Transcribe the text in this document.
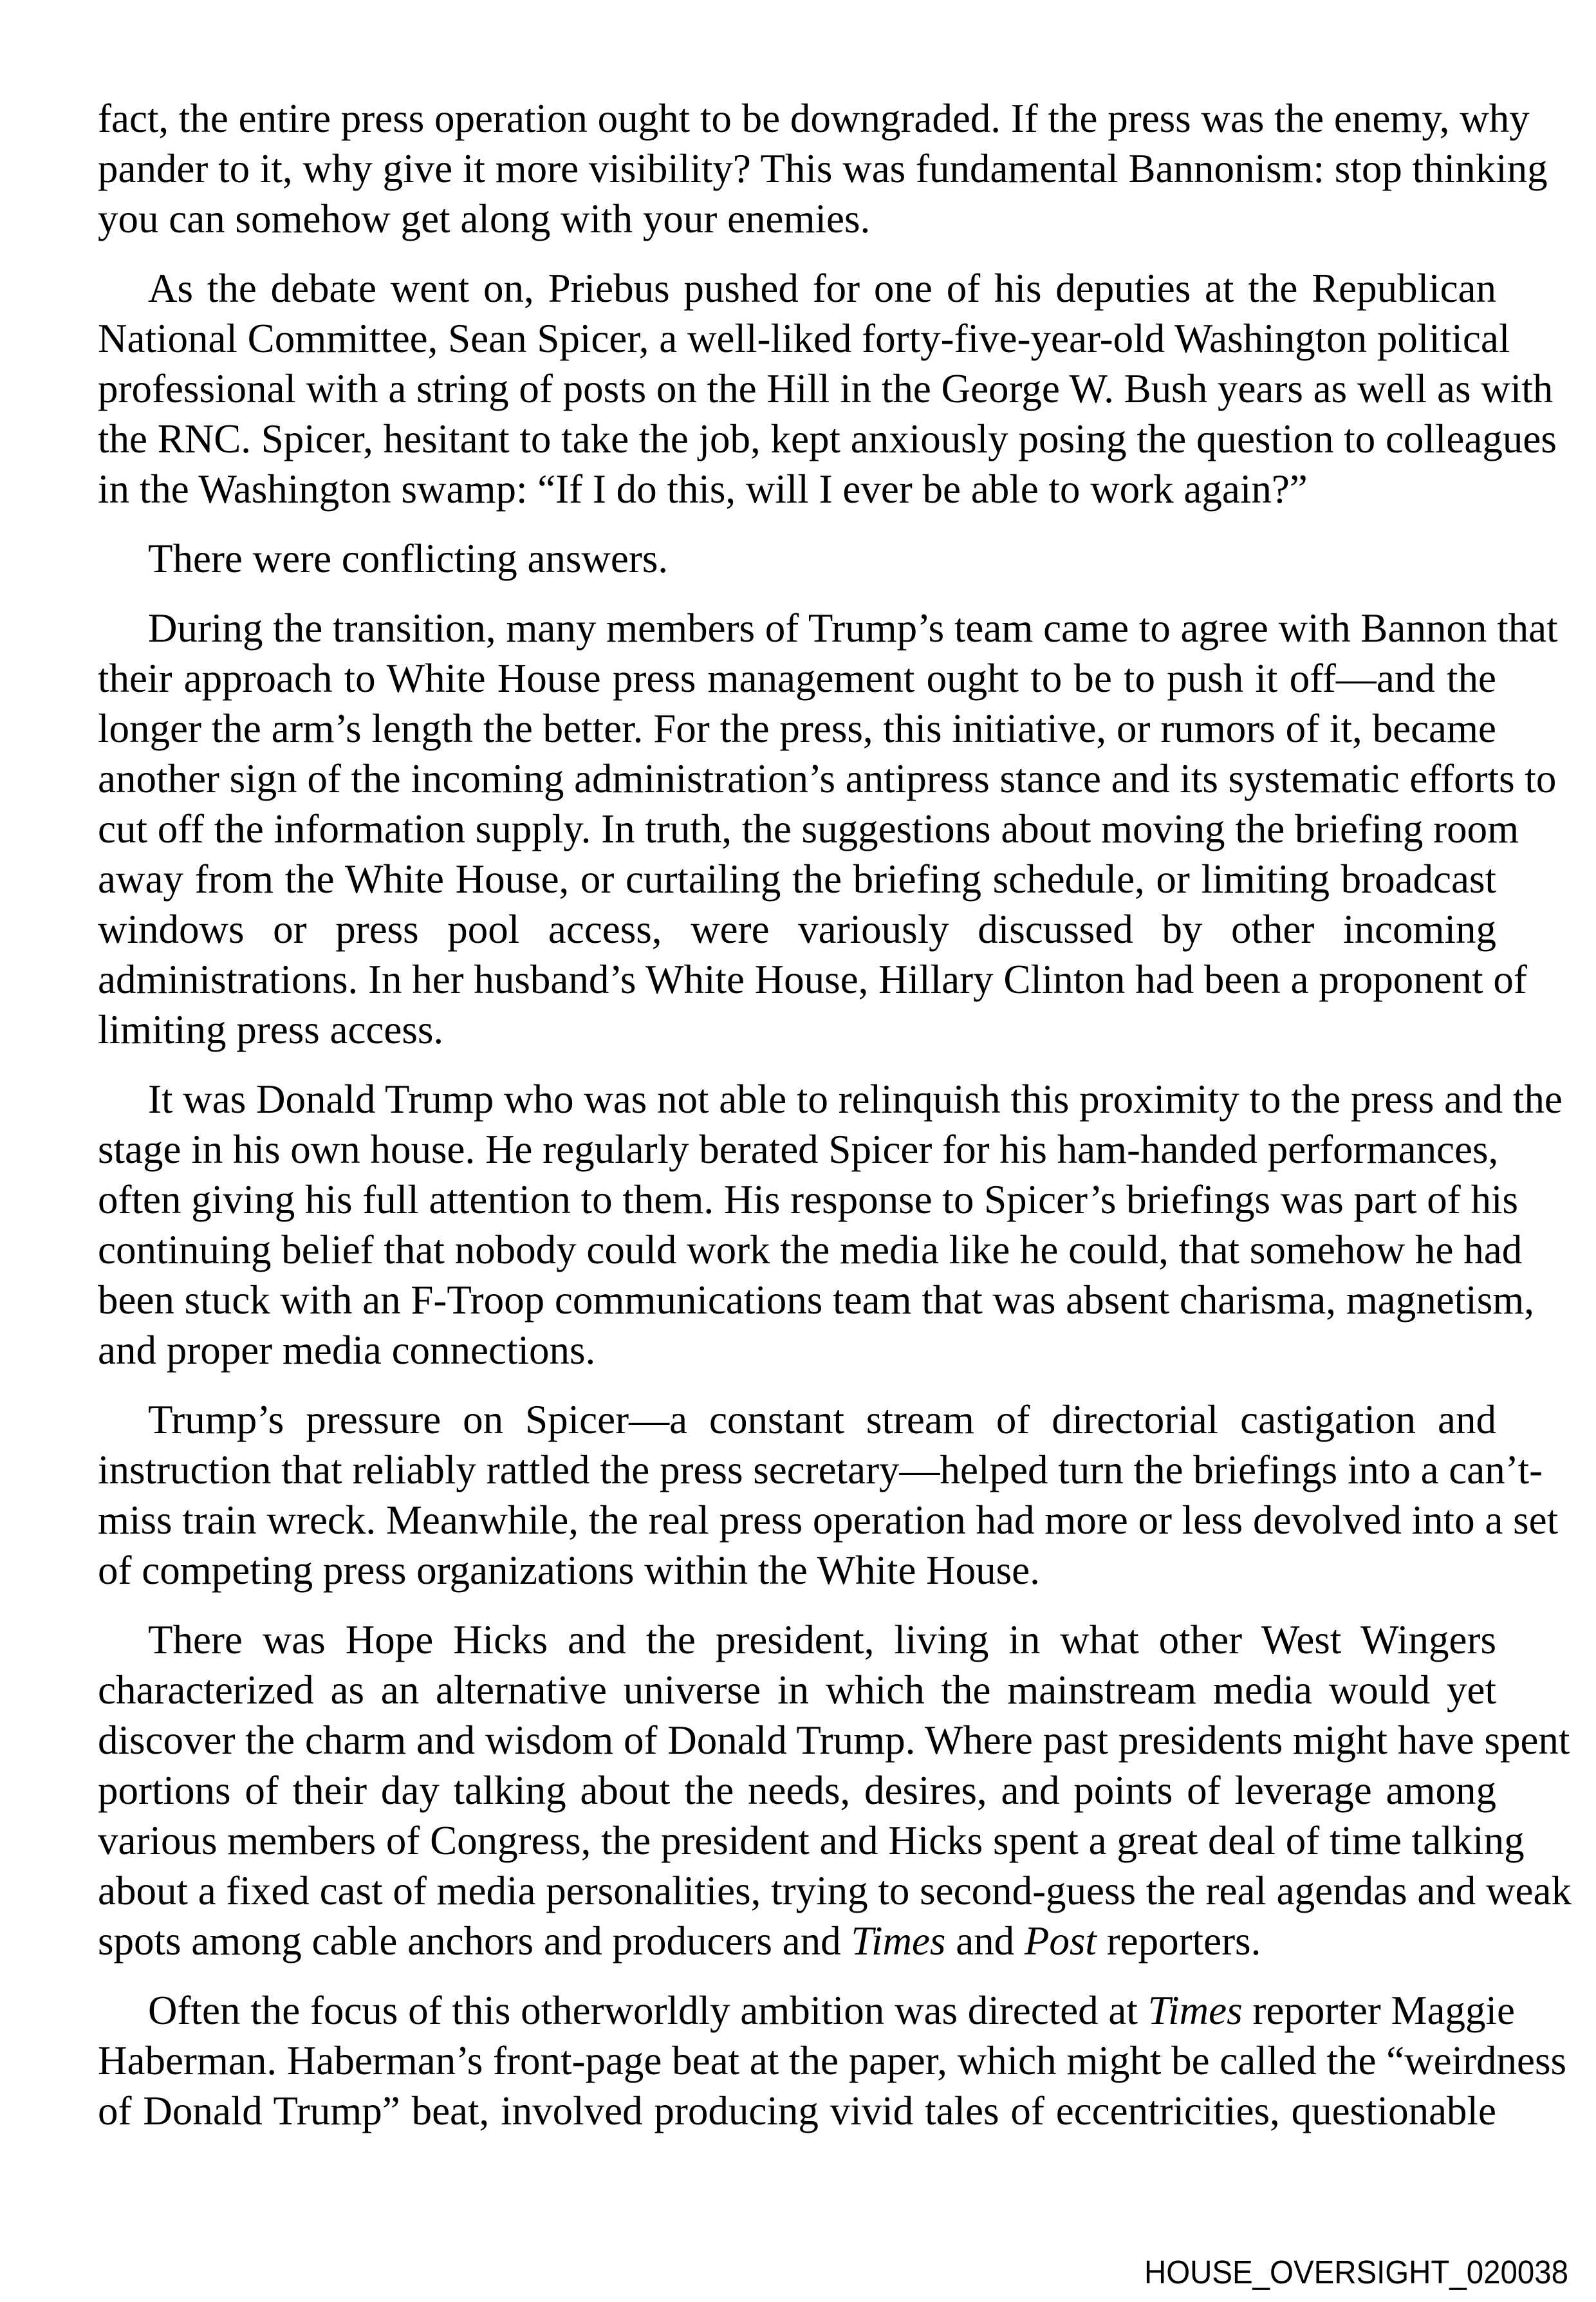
fact, the entire press operation ought to be downgraded. If the press was the enemy, why
pander to it, why give it more visibility? This was fundamental Bannonism: stop thinking
you can somehow get along with your enemies.

As the debate went on, Priebus pushed for one of his deputies at the Republican
National Committee, Sean Spicer, a well-liked forty-five-year-old Washington political
professional with a string of posts on the Hill in the George W. Bush years as well as with
the RNC. Spicer, hesitant to take the job, kept anxiously posing the question to colleagues
in the Washington swamp: “If I do this, will I ever be able to work again?”

There were conflicting answers.

During the transition, many members of Trump’s team came to agree with Bannon that
their approach to White House press management ought to be to push it off—and the
longer the arm’s length the better. For the press, this initiative, or rumors of it, became
another sign of the incoming administration’s antipress stance and its systematic efforts to
cut off the information supply. In truth, the suggestions about moving the briefing room
away from the White House, or curtailing the briefing schedule, or limiting broadcast
windows or press pool access, were variously discussed by other incoming
administrations. In her husband’s White House, Hillary Clinton had been a proponent of
limiting press access.

It was Donald Trump who was not able to relinquish this proximity to the press and the
stage in his own house. He regularly berated Spicer for his ham-handed performances,
often giving his full attention to them. His response to Spicer’s briefings was part of his
continuing belief that nobody could work the media like he could, that somehow he had
been stuck with an F-Troop communications team that was absent charisma, magnetism,
and proper media connections.

Trump’s pressure on Spicer—a constant stream of directorial castigation and
instruction that reliably rattled the press secretary—helped turn the briefings into a can’t-
miss train wreck. Meanwhile, the real press operation had more or less devolved into a set
of competing press organizations within the White House.

There was Hope Hicks and the president, living in what other West Wingers
characterized as an alternative universe in which the mainstream media would yet
discover the charm and wisdom of Donald Trump. Where past presidents might have spent
portions of their day talking about the needs, desires, and points of leverage among
various members of Congress, the president and Hicks spent a great deal of time talking
about a fixed cast of media personalities, trying to second-guess the real agendas and weak
spots among cable anchors and producers and Times and Post reporters.

Often the focus of this otherworldly ambition was directed at Times reporter Maggie
Haberman. Haberman’s front-page beat at the paper, which might be called the “weirdness
of Donald Trump” beat, involved producing vivid tales of eccentricities, questionable

HOUSE_OVERSIGHT_020038
